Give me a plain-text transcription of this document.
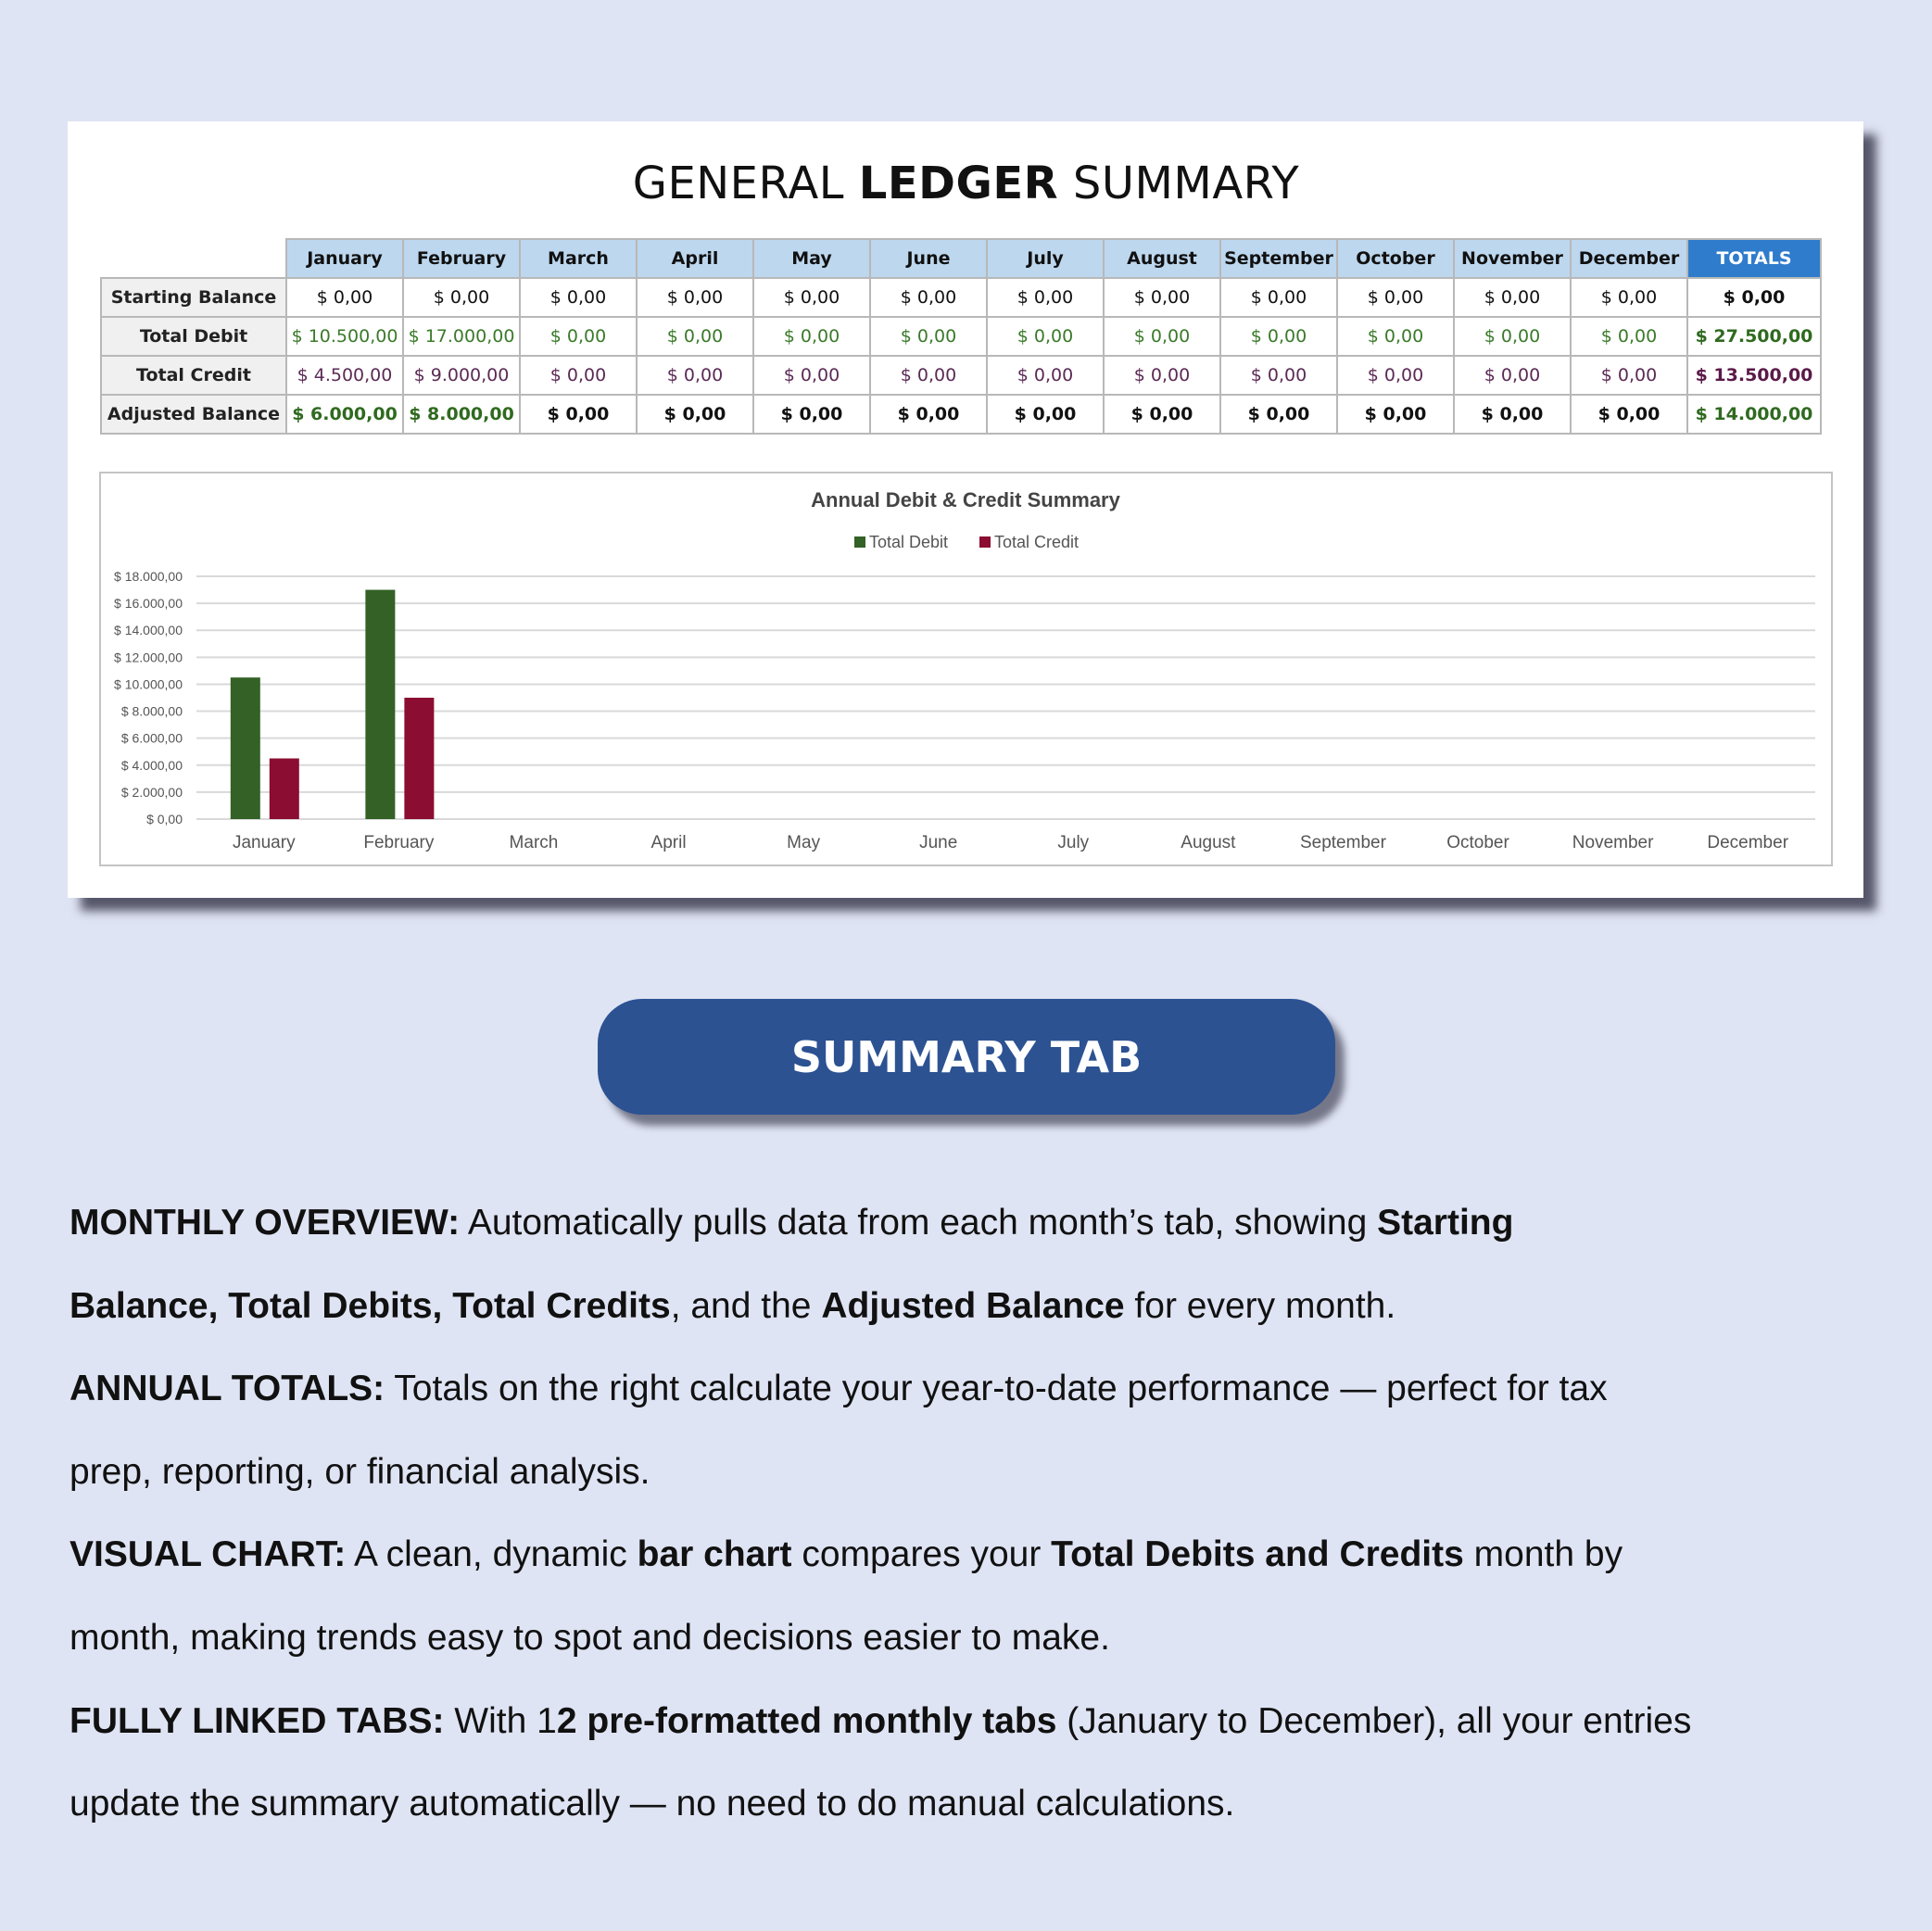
GENERAL LEDGER SUMMARY
	January	February	March	April	May	June	July	August	September	October	November	December	TOTALS
Starting Balance	$ 0,00	$ 0,00	$ 0,00	$ 0,00	$ 0,00	$ 0,00	$ 0,00	$ 0,00	$ 0,00	$ 0,00	$ 0,00	$ 0,00	$ 0,00
Total Debit	$ 10.500,00	$ 17.000,00	$ 0,00	$ 0,00	$ 0,00	$ 0,00	$ 0,00	$ 0,00	$ 0,00	$ 0,00	$ 0,00	$ 0,00	$ 27.500,00
Total Credit	$ 4.500,00	$ 9.000,00	$ 0,00	$ 0,00	$ 0,00	$ 0,00	$ 0,00	$ 0,00	$ 0,00	$ 0,00	$ 0,00	$ 0,00	$ 13.500,00
Adjusted Balance	$ 6.000,00	$ 8.000,00	$ 0,00	$ 0,00	$ 0,00	$ 0,00	$ 0,00	$ 0,00	$ 0,00	$ 0,00	$ 0,00	$ 0,00	$ 14.000,00
Annual Debit & Credit Summary
Total Debit	Total Credit
$ 0,00
$ 2.000,00
$ 4.000,00
$ 6.000,00
$ 8.000,00
$ 10.000,00
$ 12.000,00
$ 14.000,00
$ 16.000,00
$ 18.000,00
January	February	March	April	May	June	July	August	September	October	November	December
SUMMARY TAB
MONTHLY OVERVIEW: Automatically pulls data from each month’s tab, showing Starting
Balance, Total Debits, Total Credits, and the Adjusted Balance for every month.
ANNUAL TOTALS: Totals on the right calculate your year-to-date performance — perfect for tax
prep, reporting, or financial analysis.
VISUAL CHART: A clean, dynamic bar chart compares your Total Debits and Credits month by
month, making trends easy to spot and decisions easier to make.
FULLY LINKED TABS: With 12 pre-formatted monthly tabs (January to December), all your entries
update the summary automatically — no need to do manual calculations.
